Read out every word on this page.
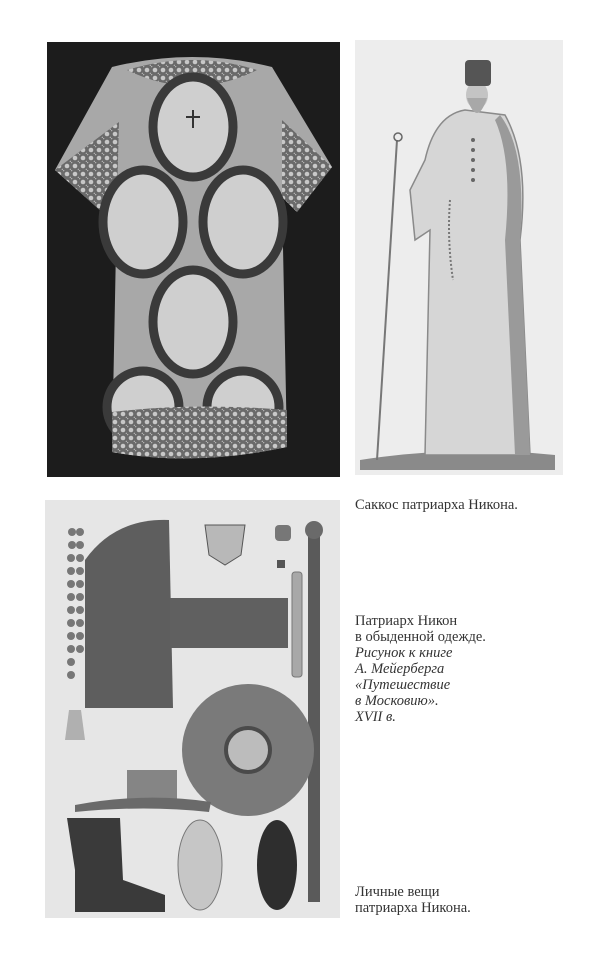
Саккос патриарха Никона.
Патриарх Никон
в обыденной одежде.
Рисунок к книге
А. Мейерберга
«Путешествие
в Московию».
XVII в.
Личные вещи
патриарха Никона.
